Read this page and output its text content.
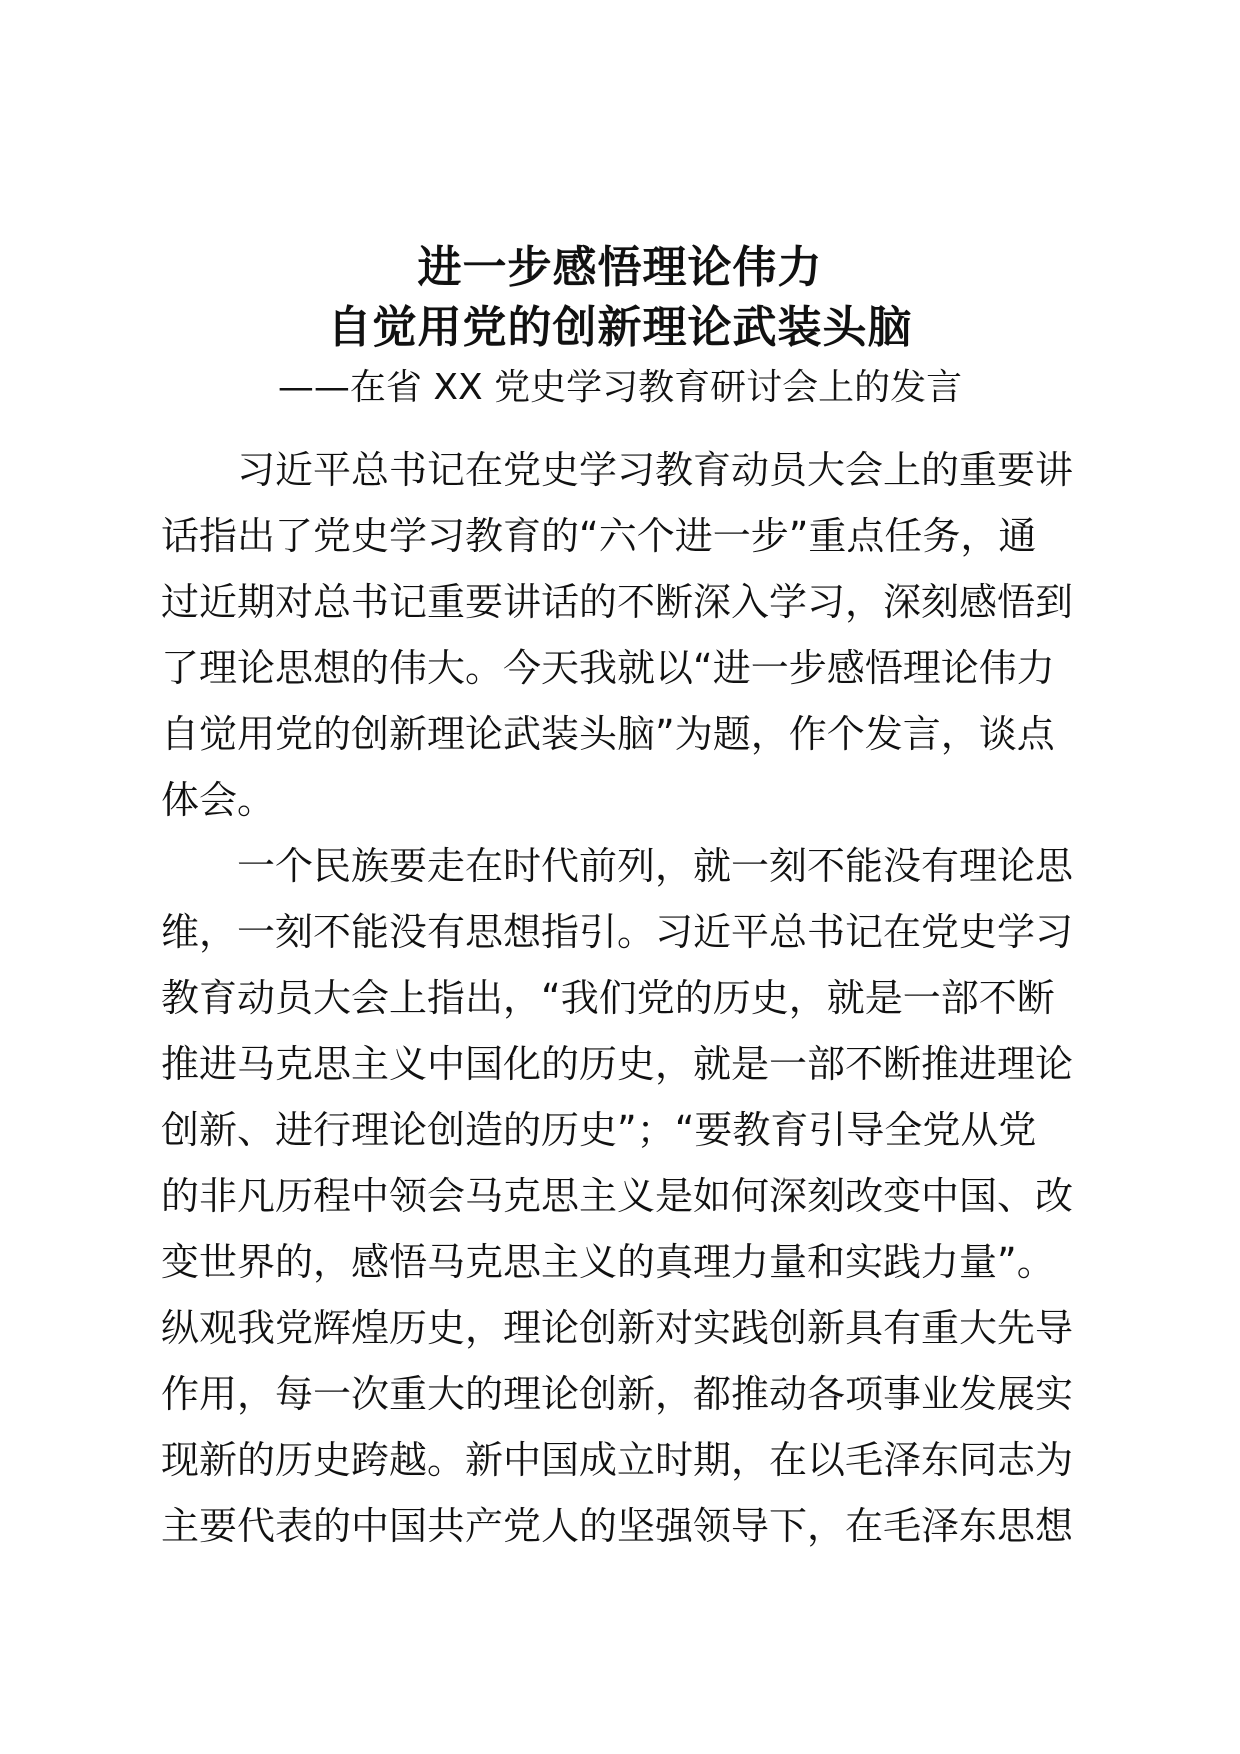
进一步感悟理论伟力
自觉用党的创新理论武装头脑
——在省 XX 党史学习教育研讨会上的发言
习近平总书记在党史学习教育动员大会上的重要讲
话指出了党史学习教育的“六个进一步”重点任务，通
过近期对总书记重要讲话的不断深入学习，深刻感悟到
了理论思想的伟大。今天我就以“进一步感悟理论伟力
自觉用党的创新理论武装头脑”为题，作个发言，谈点
体会。
一个民族要走在时代前列，就一刻不能没有理论思
维，一刻不能没有思想指引。习近平总书记在党史学习
教育动员大会上指出，“我们党的历史，就是一部不断
推进马克思主义中国化的历史，就是一部不断推进理论
创新、进行理论创造的历史”；“要教育引导全党从党
的非凡历程中领会马克思主义是如何深刻改变中国、改
变世界的，感悟马克思主义的真理力量和实践力量”。
纵观我党辉煌历史，理论创新对实践创新具有重大先导
作用，每一次重大的理论创新，都推动各项事业发展实
现新的历史跨越。新中国成立时期，在以毛泽东同志为
主要代表的中国共产党人的坚强领导下，在毛泽东思想
